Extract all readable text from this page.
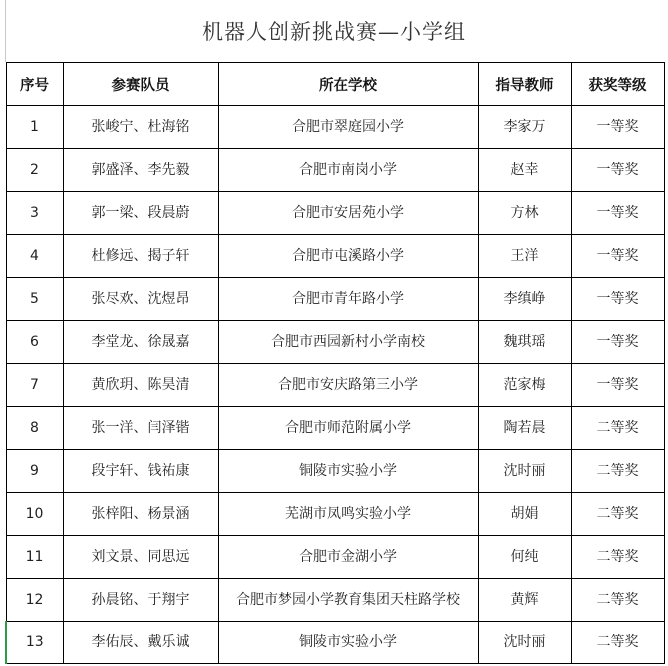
机器人创新挑战赛—小学组
序号	参赛队员	所在学校	指导教师	获奖等级
1	张峻宁、杜海铭	合肥市翠庭园小学	李家万	一等奖
2	郭盛泽、李先毅	合肥市南岗小学	赵幸	一等奖
3	郭一梁、段晨蔚	合肥市安居苑小学	方林	一等奖
4	杜修远、揭子轩	合肥市屯溪路小学	王洋	一等奖
5	张尽欢、沈煜昂	合肥市青年路小学	李缜峥	一等奖
6	李堂龙、徐晟嘉	合肥市西园新村小学南校	魏琪瑶	一等奖
7	黄欣玥、陈昊清	合肥市安庆路第三小学	范家梅	一等奖
8	张一洋、闫泽锴	合肥市师范附属小学	陶若晨	二等奖
9	段宇轩、钱祐康	铜陵市实验小学	沈时丽	二等奖
10	张梓阳、杨景涵	芜湖市凤鸣实验小学	胡娟	二等奖
11	刘文景、同思远	合肥市金湖小学	何纯	二等奖
12	孙晨铭、于翔宇	合肥市梦园小学教育集团天柱路学校	黄辉	二等奖
13	李佑辰、戴乐诚	铜陵市实验小学	沈时丽	二等奖
